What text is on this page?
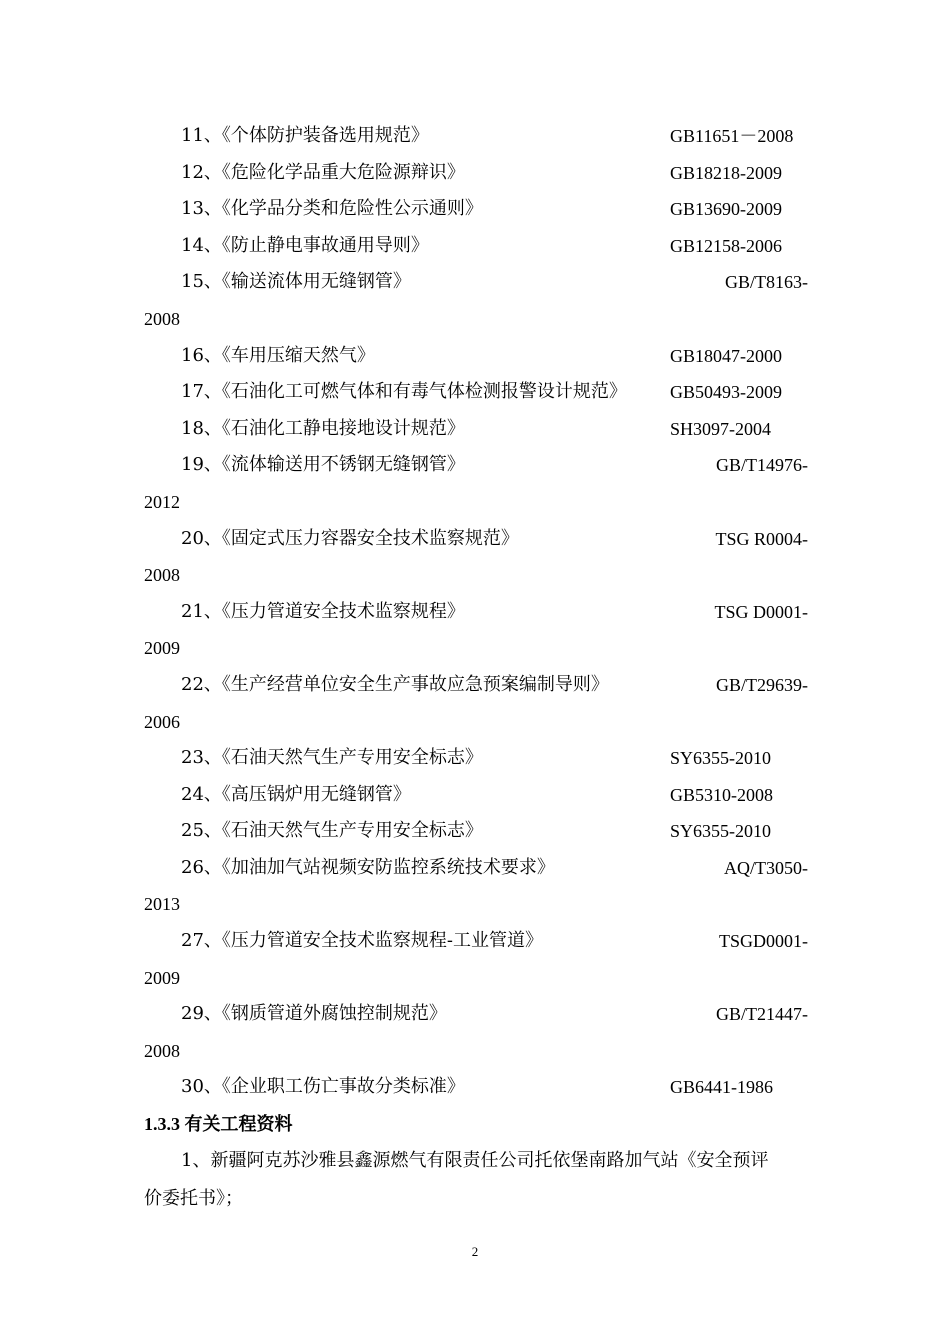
11、《个体防护装备选用规范》	GB11651－2008
12、《危险化学品重大危险源辩识》	GB18218-2009
13、《化学品分类和危险性公示通则》	GB13690-2009
14、《防止静电事故通用导则》	GB12158-2006
15、《输送流体用无缝钢管》	GB/T8163-
2008
16、《车用压缩天然气》	GB18047-2000
17、《石油化工可燃气体和有毒气体检测报警设计规范》 GB50493-2009
18、《石油化工静电接地设计规范》	SH3097-2004
19、《流体输送用不锈钢无缝钢管》	GB/T14976-
2012
20、《固定式压力容器安全技术监察规范》	TSG R0004-
2008
21、《压力管道安全技术监察规程》	TSG D0001-
2009
22、《生产经营单位安全生产事故应急预案编制导则》	GB/T29639-
2006
23、《石油天然气生产专用安全标志》	SY6355-2010
24、《高压锅炉用无缝钢管》	GB5310-2008
25、《石油天然气生产专用安全标志》	SY6355-2010
26、《加油加气站视频安防监控系统技术要求》	AQ/T3050-
2013
27、《压力管道安全技术监察规程-工业管道》	TSGD0001-
2009
29、《钢质管道外腐蚀控制规范》	GB/T21447-
2008
30、《企业职工伤亡事故分类标准》	GB6441-1986
1.3.3 有关工程资料
1、新疆阿克苏沙雅县鑫源燃气有限责任公司托依堡南路加气站《安全预评
价委托书》；
2
